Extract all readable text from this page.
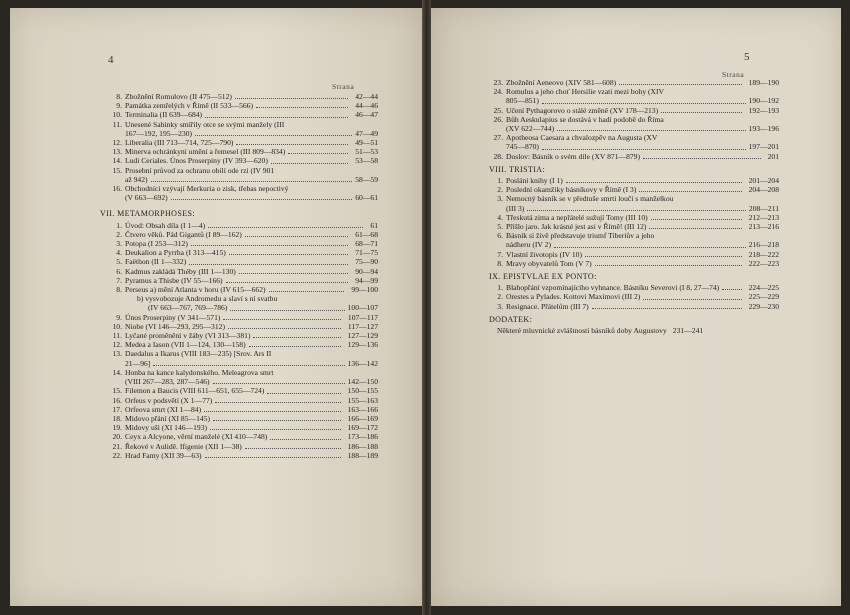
4
Strana
8. Zbožnění Romulovo (II 475—512)	42—44
9. Památka zemřelých v Římě (II 533—566)	44—46
10. Terminalia (II 639—684)	46—47
11. Unesené Sabinky smířily otce se svými manžely (III
167—192, 195—230)	47—49
12. Liberalia (III 713—714, 725—790)	49—51
13. Minerva ochránkyní umění a řemesel (III 809—834)	51—53
14. Ludi Ceriales. Únos Proserpiny (IV 393—620)	53—58
15. Prosební průvod za ochranu obilí ode rzi (IV 901
až 942)	58—59
16. Obchodníci vzývají Merkuria o zisk, třebas nepoctivý
(V 663—692)	60—61
VII. METAMORPHOSES:
1. Úvod: Obsah díla (I 1—4)	61
2. Čtvero věků. Pád Gigantů (I 89—162)	61—68
3. Potopa (I 253—312)	68—71
4. Deukalion a Pyrrha (I 313—415)	71—75
5. Faëthon (II 1—332)	75—90
6. Kadmus zakládá Théby (III 1—130)	90—94
7. Pyramus a Thisbe (IV 55—166)	94—99
8. Perseus a) mění Atlanta v horu (IV 615—662)	99—100
b) vysvobozuje Andromedu a slaví s ní svatbu
(IV 663—767, 769—786)	100—107
9. Únos Proserpiny (V 341—571)	107—117
10. Niobe (VI 146—293, 295—312)	117—127
11. Lyčané proměnění v žáby (VI 313—381)	127—129
12. Medea a Iason (VII 1—124, 130—158)	129—136
13. Daedalus a Ikarus (VIII 183—235) [Srov. Ars II
21—96]	136—142
14. Honba na kance kalydonského. Meleagrova smrt
(VIII 267—283, 287—546)	142—150
15. Filemon a Baucis (VIII 611—651, 655—724)	150—155
16. Orfeus v podsvětí (X 1—77)	155—163
17. Orfeova smrt (XI 1—84)	163—166
18. Midovo přání (XI 85—145)	166—169
19. Midovy uši (XI 146—193)	169—172
20. Ceyx a Alcyone, věrní manželé (XI 410—748)	173—186
21. Řekové v Aulidě. Ifigenie (XII 1—38)	186—188
22. Hrad Famy (XII 39—63)	188—189
5
Strana
23. Zbožnění Aeneovo (XIV 581—608)	189—190
24. Romulus a jeho choť Hersilie vzati mezi bohy (XIV
805—851)	190—192
25. Učení Pythagorovo o stálé změně (XV 178—213)	192—193
26. Bůh Aeskulapius se dostává v hadí podobě do Říma
(XV 622—744)	193—196
27. Apotheosa Caesara a chvalozpěv na Augusta (XV
745—870)	197—201
28. Doslov: Básník o svém díle (XV 871—879)	201
VIII. TRISTIA:
1. Poslání knihy (I 1)	201—204
2. Poslední okamžiky básníkovy v Římě (I 3)	204—208
3. Nemocný básník se v předtuše smrti loučí s manželkou
(III 3)	208—211
4. Třeskutá zima a nepřátelé sužují Tomy (III 10)	212—213
5. Přišlo jaro. Jak krásné jest asi v Římě! (III 12)	213—216
6. Básník si živě představuje triumf Tiberiův a jeho
nádheru (IV 2)	216—218
7. Vlastní životopis (IV 10)	218—222
8. Mravy obyvatelů Tom (V 7)	222—223
IX. EPISTVLAE EX PONTO:
1. Blahopřání vzpomínajícího vyhnance. Básníku Severovi (I 8, 27—74)	224—225
2. Orestes a Pylades. Kottovi Maximovi (III 2)	225—229
3. Resignace. Přátelům (III 7)	229—230
DODATEK:
Některé mluvnické zvláštnosti básníků doby Augustovy 231—241
